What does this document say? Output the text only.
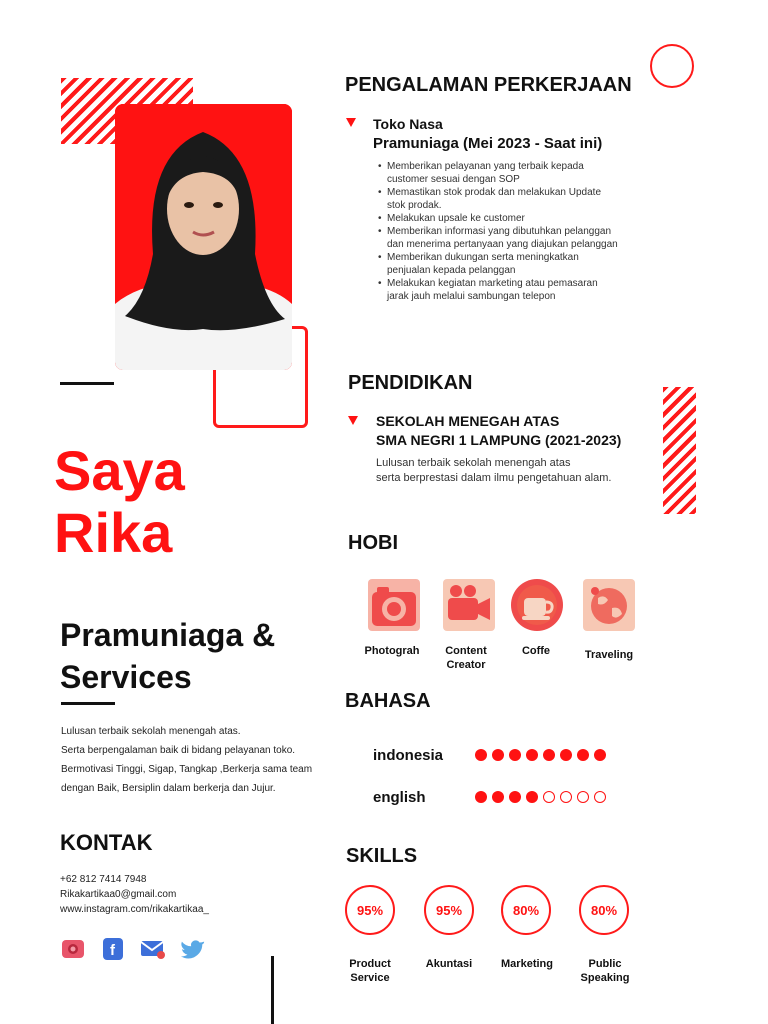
Saya
Rika
Pramuniaga &
Services
Lulusan terbaik sekolah menengah atas.
Serta berpengalaman baik di bidang pelayanan toko.
Bermotivasi Tinggi, Sigap, Tangkap ,Berkerja sama team
dengan Baik, Bersiplin dalam berkerja dan Jujur.
KONTAK
+62 812 7414 7948
Rikakartikaa0@gmail.com
www.instagram.com/rikakartikaa_
f
PENGALAMAN PERKERJAAN
Toko Nasa
Pramuniaga (Mei 2023 - Saat ini)
• Memberikan pelayanan yang terbaik kepada customer sesuai dengan SOP
• Memastikan stok prodak dan melakukan Update stok prodak.
• Melakukan upsale ke customer
• Memberikan informasi yang dibutuhkan pelanggan dan menerima pertanyaan yang diajukan pelanggan
• Memberikan dukungan serta meningkatkan penjualan kepada pelanggan
• Melakukan kegiatan marketing atau pemasaran jarak jauh melalui sambungan telepon
PENDIDIKAN
SEKOLAH MENEGAH ATAS
SMA NEGRI 1 LAMPUNG (2021-2023)
Lulusan terbaik sekolah menengah atas
serta berprestasi dalam ilmu pengetahuan alam.
HOBI
Photograh	Content Creator
Coffe	Traveling
BAHASA
indonesia
english
SKILLS
95%	95%	80%	80%
Product Service
Akuntasi	Marketing	Public Speaking
